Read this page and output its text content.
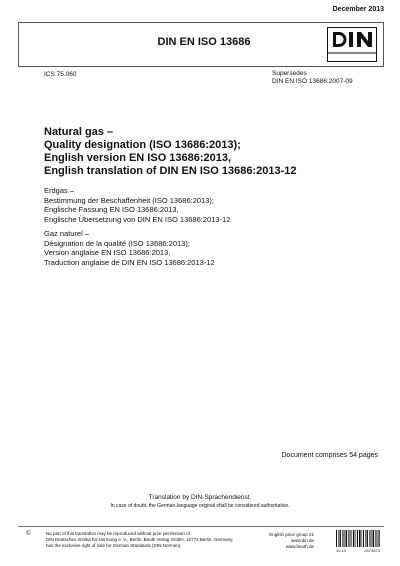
December 2013
DIN EN ISO 13686
ICS 75.060	Supersedes
DIN EN ISO 13686:2007-09
Natural gas –
Quality designation (ISO 13686:2013);
English version EN ISO 13686:2013,
English translation of DIN EN ISO 13686:2013-12
Erdgas –
Bestimmung der Beschaffenheit (ISO 13686:2013);
Englische Fassung EN ISO 13686:2013,
Englische Übersetzung von DIN EN ISO 13686:2013-12
Gaz naturel –
Désignation de la qualité (ISO 13686:2013);
Version anglaise EN ISO 13686:2013,
Traduction anglaise de DIN EN ISO 13686:2013-12
Document comprises 54 pages
Translation by DIN-Sprachendienst.
In case of doubt, the German-language original shall be considered authoritative.
©	No part of this translation may be reproduced without prior permission of
DIN Deutsches Institut für Normung e. V., Berlin. Beuth Verlag GmbH, 10772 Berlin, Germany,
has the exclusive right of sale for German Standards (DIN-Normen).
English price group 21
www.din.de
www.beuth.de
11.13	2073573
